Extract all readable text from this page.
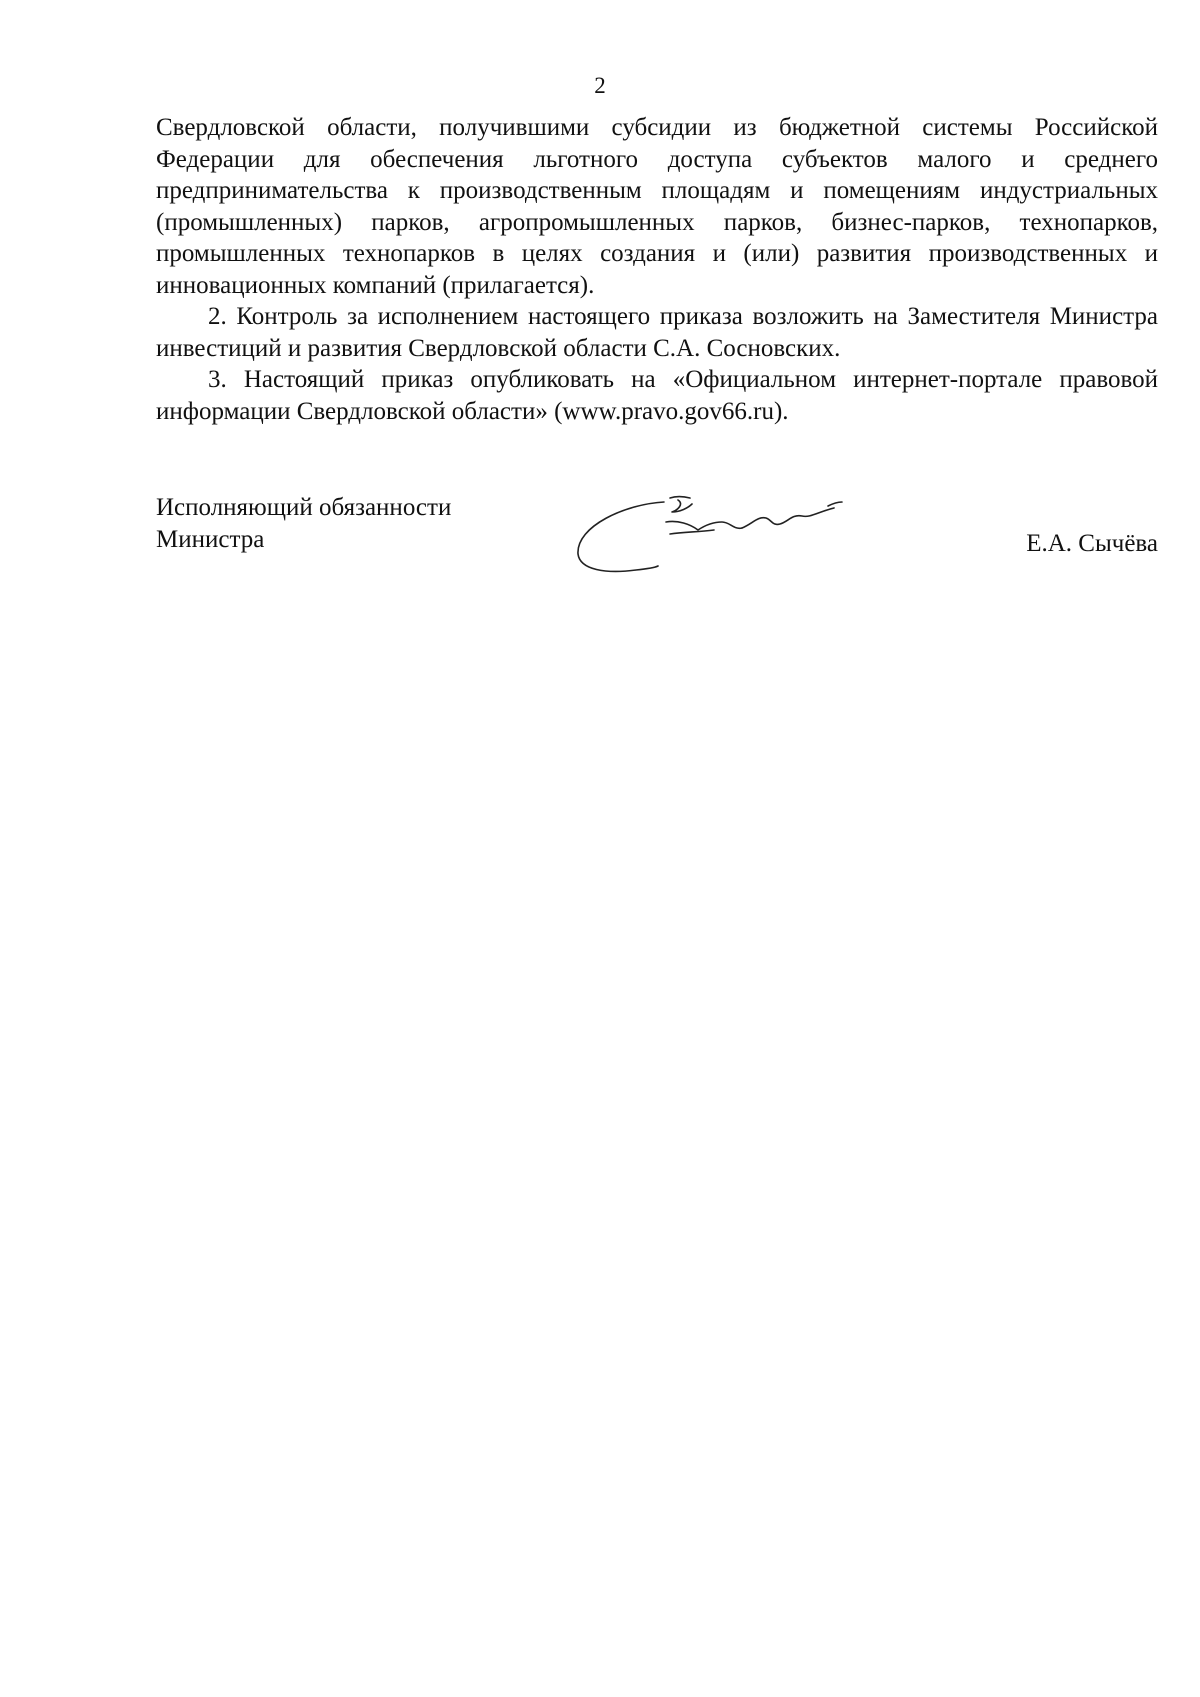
2

Свердловской области, получившими субсидии из бюджетной системы Российской Федерации для обеспечения льготного доступа субъектов малого и среднего предпринимательства к производственным площадям и помещениям индустриальных (промышленных) парков, агропромышленных парков, бизнес-парков, технопарков, промышленных технопарков в целях создания и (или) развития производственных и инновационных компаний (прилагается).

2. Контроль за исполнением настоящего приказа возложить на Заместителя Министра инвестиций и развития Свердловской области С.А. Сосновских.

3. Настоящий приказ опубликовать на «Официальном интернет-портале правовой информации Свердловской области» (www.pravo.gov66.ru).

Исполняющий обязанности
Министра	Е.А. Сычёва
